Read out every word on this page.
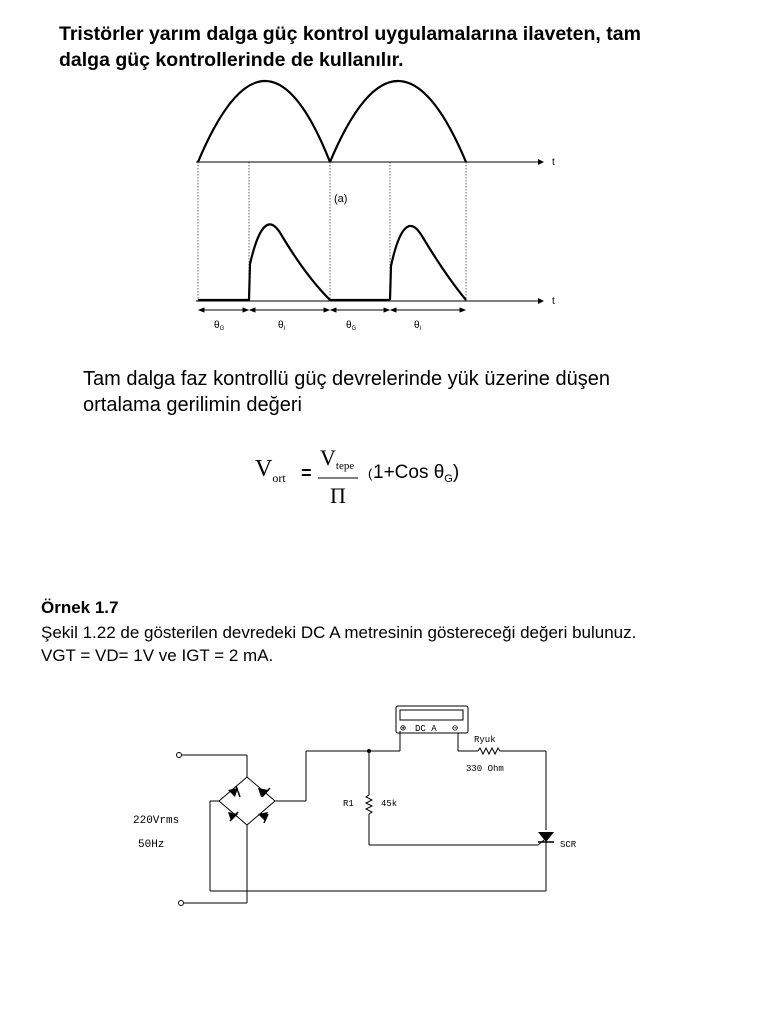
Tristörler yarım dalga güç kontrol uygulamalarına ilaveten, tam
dalga güç kontrollerinde de kullanılır.
t
(a)
t
$\theta_G$	$\theta_I$	$\theta_G$	$\theta_I$
$V_{ort}$ =
Vtepe
Π
( 1+Cos $\theta_G$)
Tam dalga faz kontrollü güç devrelerinde yük üzerine düşen
ortalama gerilimin değeri
Örnek 1.7
Şekil 1.22 de gösterilen devredeki DC A metresinin göstereceği değeri bulunuz.
VGT = VD= 1V ve IGT = 2 mA.
⊕	⊖
DC A
220Vrms
50Hz
R1	45k
Ryuk
330 Ohm
SCR
